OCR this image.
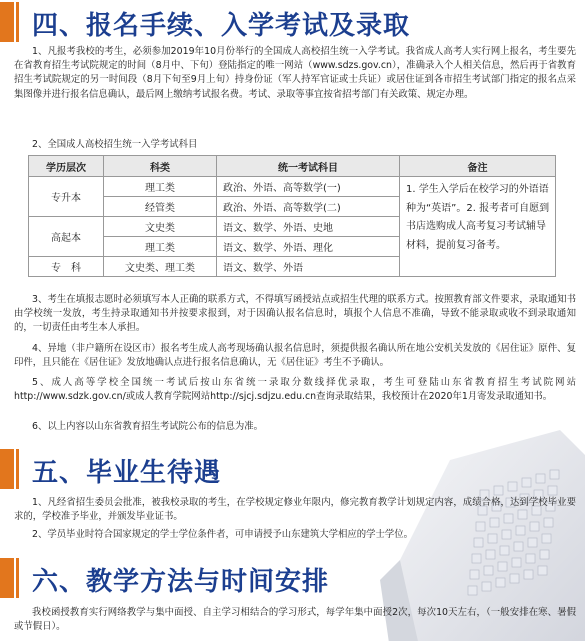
四、报名手续、入学考试及录取
1、凡报考我校的考生，必须参加2019年10月份举行的全国成人高校招生统一入学考试。我省成人高考人实行网上报名，考生要先在省教育招生考试院规定的时间（8月中、下旬）登陆指定的唯一网站（www.sdzs.gov.cn），准确录入个人相关信息，然后再于省教育招生考试院规定的另一时间段（8月下旬至9月上旬）持身份证（军人持军官证或士兵证）或居住证到各市招生考试部门指定的报名点采集图像并进行报名信息确认，最后网上缴纳考试报名费。考试、录取等事宜按省招考部门有关政策、规定办理。
2、全国成人高校招生统一入学考试科目
学历层次	科类	统一考试科目	备注
专升本	理工类	政治、外语、高等数学(一)	1. 学生入学后在校学习的外语语种为“英语”。2. 报考者可自愿到书店选购成人高考复习考试辅导材料，提前复习备考。
	经管类	政治、外语、高等数学(二)	
高起本	文史类	语文、数学、外语、史地	
	理工类	语文、数学、外语、理化	
专　科	文史类、理工类	语文、数学、外语	
3、考生在填报志愿时必须填写本人正确的联系方式，不得填写函授站点或招生代理的联系方式。按照教育部文件要求，录取通知书由学校统一发放，考生持录取通知书并按要求报到，对于因确认报名信息时，填报个人信息不准确，导致不能录取或收不到录取通知的，一切责任由考生本人承担。
4、异地（非户籍所在设区市）报名考生成人高考现场确认报名信息时，须提供报名确认所在地公安机关发放的《居住证》原件、复印件，且只能在《居住证》发放地确认点进行报名信息确认，无《居住证》考生不予确认。
5、成人高等学校全国统一考试后按山东省统一录取分数线择优录取，考生可登陆山东省教育招生考试院网站http://www.sdzk.gov.cn/或成人教育学院网站http://sjcj.sdjzu.edu.cn查询录取结果，我校预计在2020年1月寄发录取通知书。
6、以上内容以山东省教育招生考试院公布的信息为准。
五、毕业生待遇
1、凡经省招生委员会批准，被我校录取的考生，在学校规定修业年限内，修完教育教学计划规定内容，成绩合格，达到学校毕业要求的，学校准予毕业，并颁发毕业证书。
2、学员毕业时符合国家规定的学士学位条件者，可申请授予山东建筑大学相应的学士学位。
六、教学方法与时间安排
我校函授教育实行网络教学与集中面授、自主学习相结合的学习形式，每学年集中面授2次，每次10天左右，（一般安排在寒、暑假或节假日）。
